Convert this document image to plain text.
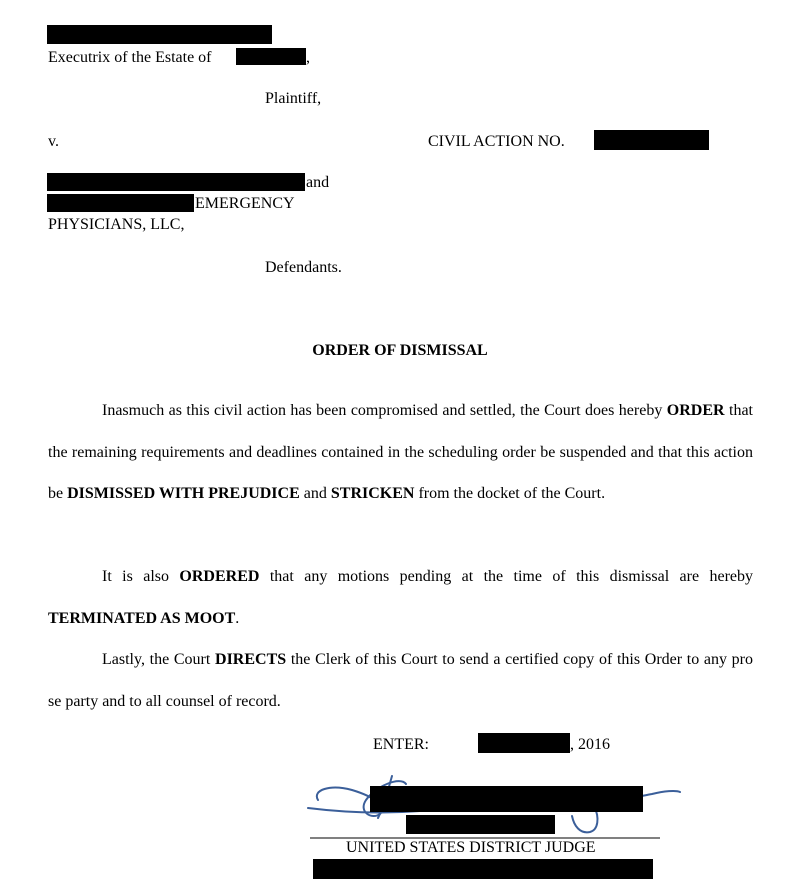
Executrix of the Estate of	,
Plaintiff,
v.	CIVIL ACTION NO.
and
EMERGENCY
PHYSICIANS, LLC,
Defendants.
ORDER OF DISMISSAL
Inasmuch as this civil action has been compromised and settled, the Court does hereby ORDER that the remaining requirements and deadlines contained in the scheduling order be suspended and that this action be DISMISSED WITH PREJUDICE and STRICKEN from the docket of the Court.
It is also ORDERED that any motions pending at the time of this dismissal are hereby TERMINATED AS MOOT.
Lastly, the Court DIRECTS the Clerk of this Court to send a certified copy of this Order to any pro se party and to all counsel of record.
ENTER:	, 2016
UNITED STATES DISTRICT JUDGE
